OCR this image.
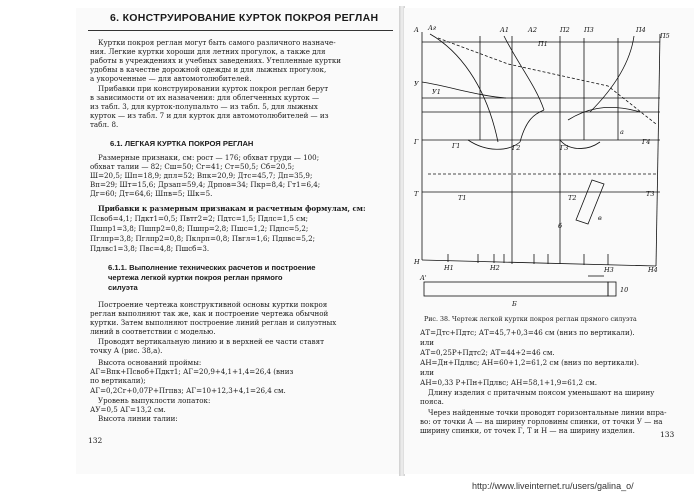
6. КОНСТРУИРОВАНИЕ КУРТОК ПОКРОЯ РЕГЛАН
Куртки покроя реглан могут быть самого различного назначе-
ния. Легкие куртки хороши для летних прогулок, а также для
работы в учреждениях и учебных заведениях. Утепленные куртки
удобны в качестве дорожной одежды и для лыжных прогулок,
а укороченные — для автомотолюбителей.
Прибавки при конструировании курток покроя реглан берут
в зависимости от их назначения: для облегченных курток —
из табл. 3, для курток-полупальто — из табл. 5, для лыжных
курток — из табл. 7 и для курток для автомотолюбителей — из
табл. 8.
6.1. ЛЕГКАЯ КУРТКА ПОКРОЯ РЕГЛАН
Размерные признаки, см: рост — 176; обхват груди — 100;
обхват талии — 82; Сш=50; Сг=41; Ст=50,5; Сб=20,5;
Ш=20,5; Шп=18,9; дпл=52; Впк=20,9; Дтс=45,7; Дп=35,9;
Вп=29; Шт=15,6; Дрзап=59,4; Дрпов=34; Пкр=8,4; Гт1=6,4;
Дг=60; Дт=64,6; Шпв=5; Шк=5.
Прибавки к размерным признакам и расчетным формулам, см:
Псвоб=4,1; Пдкт1=0,5; Пвтг2=2; Пдтс=1,5; Пдлс=1,5 см;
Пшпр1=3,8; Пшпр2=0,8; Пшпр=2,8; Пшс=1,2; Пдпс=5,2;
Пглпр=3,8; Пглпр2=0,8; Пклрп=0,8; Пвгл=1,6; Пдпвс=5,2;
Пдлвс1=3,8; Пвс=4,8; Пшсб=3.
6.1.1. Выполнение технических расчетов и построение
чертежа легкой куртки покроя реглан прямого
силуэта
Построение чертежа конструктивной основы куртки покроя
реглан выполняют так же, как и построение чертежа обычной
куртки. Затем выполняют построение линий реглан и силуэтных
линий в соответствии с моделью.
Проводят вертикальную линию и в верхней ее части ставят
точку А (рис. 38,а).
Высота оснований проймы:
АГ=Впк+Псвоб+Пдкт1; АГ=20,9+4,1+1,4=26,4 (вниз
по вертикали);
АГ=0,2Сг+0,07Р+Пгпвз; АГ=10+12,3+4,1=26,4 см.
Уровень выпуклости лопаток:
АУ=0,5 АГ=13,2 см.
Высота линии талии:
132
А Аг	А1	А2
П1
П2 П3	П4
П5
У
У1
Г	Г1	Г2	Г3
Г4
Т	Т1	Т2	Т3
Н
Н1	Н2	Н3	Н4
а
б
в
А'
Б
10
Рис. 38. Чертеж легкой куртки покроя реглан прямого силуэта
АТ=Дтс+Пдтс; АТ=45,7+0,3=46 см (вниз по вертикали).
или
АТ=0,25Р+Пдтс2; АТ=44+2=46 см.
АН=Дн+Пдлвс; АН=60+1,2=61,2 см (вниз по вертикали).
или
АН=0,33 Р+Пн+Пдлвс; АН=58,1+1,9=61,2 см.
Длину изделия с притачным поясом уменьшают на ширину
пояса.
Через найденные точки проводят горизонтальные линии впра-
во: от точки А — на ширину горловины спинки, от точки У — на
ширину спинки, от точек Г, Т и Н — на ширину изделия.	133
http://www.liveinternet.ru/users/galina_o/
